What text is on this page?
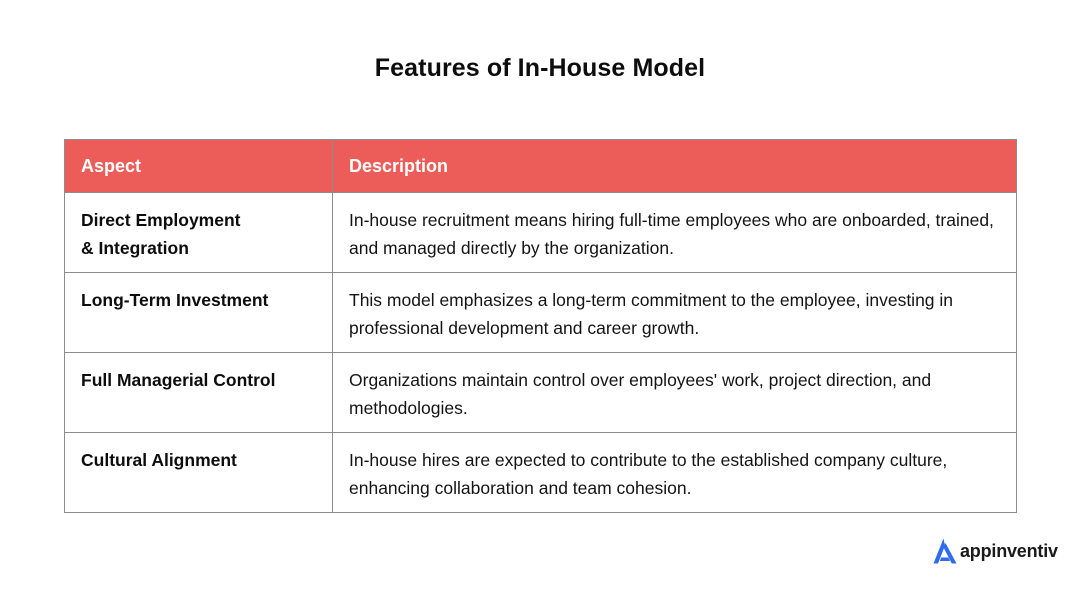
Features of In-House Model
Aspect	Description

Direct Employment
& Integration	In-house recruitment means hiring full-time employees who are onboarded, trained, and managed directly by the organization.

Long-Term Investment	This model emphasizes a long-term commitment to the employee, investing in professional development and career growth.

Full Managerial Control	Organizations maintain control over employees' work, project direction, and methodologies.

Cultural Alignment	In-house hires are expected to contribute to the established company culture, enhancing collaboration and team cohesion.
appinventiv
